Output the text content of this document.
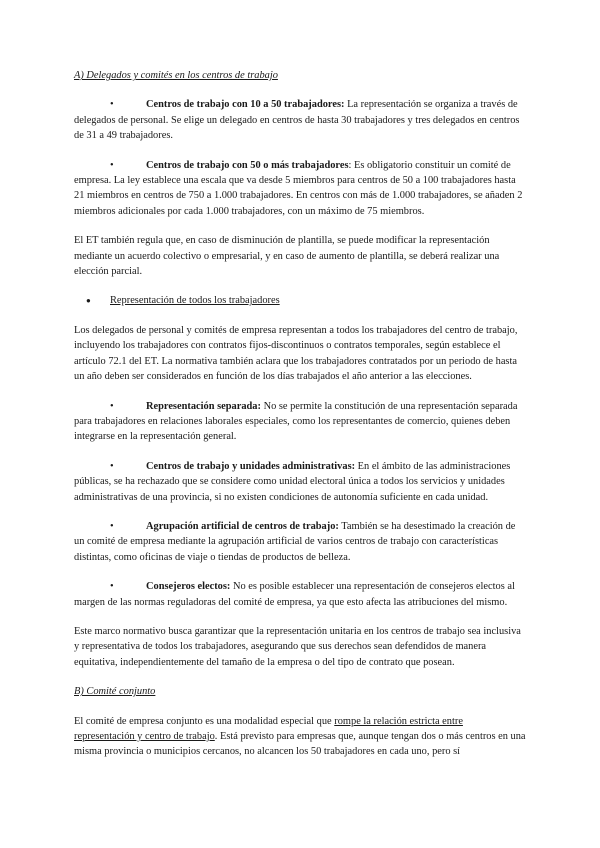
A) Delegados y comités en los centros de trabajo

•	Centros de trabajo con 10 a 50 trabajadores: La representación se organiza a través de delegados de personal. Se elige un delegado en centros de hasta 30 trabajadores y tres delegados en centros de 31 a 49 trabajadores.

•	Centros de trabajo con 50 o más trabajadores: Es obligatorio constituir un comité de empresa. La ley establece una escala que va desde 5 miembros para centros de 50 a 100 trabajadores hasta 21 miembros en centros de 750 a 1.000 trabajadores. En centros con más de 1.000 trabajadores, se añaden 2 miembros adicionales por cada 1.000 trabajadores, con un máximo de 75 miembros.

El ET también regula que, en caso de disminución de plantilla, se puede modificar la representación mediante un acuerdo colectivo o empresarial, y en caso de aumento de plantilla, se deberá realizar una elección parcial.

● Representación de todos los trabajadores

Los delegados de personal y comités de empresa representan a todos los trabajadores del centro de trabajo, incluyendo los trabajadores con contratos fijos-discontinuos o contratos temporales, según establece el artículo 72.1 del ET. La normativa también aclara que los trabajadores contratados por un periodo de hasta un año deben ser considerados en función de los días trabajados el año anterior a las elecciones.

•	Representación separada: No se permite la constitución de una representación separada para trabajadores en relaciones laborales especiales, como los representantes de comercio, quienes deben integrarse en la representación general.

•	Centros de trabajo y unidades administrativas: En el ámbito de las administraciones públicas, se ha rechazado que se considere como unidad electoral única a todos los servicios y unidades administrativas de una provincia, si no existen condiciones de autonomía suficiente en cada unidad.

•	Agrupación artificial de centros de trabajo: También se ha desestimado la creación de un comité de empresa mediante la agrupación artificial de varios centros de trabajo con características distintas, como oficinas de viaje o tiendas de productos de belleza.

•	Consejeros electos: No es posible establecer una representación de consejeros electos al margen de las normas reguladoras del comité de empresa, ya que esto afecta las atribuciones del mismo.

Este marco normativo busca garantizar que la representación unitaria en los centros de trabajo sea inclusiva y representativa de todos los trabajadores, asegurando que sus derechos sean defendidos de manera equitativa, independientemente del tamaño de la empresa o del tipo de contrato que posean.

B) Comité conjunto

El comité de empresa conjunto es una modalidad especial que rompe la relación estricta entre representación y centro de trabajo. Está previsto para empresas que, aunque tengan dos o más centros en una misma provincia o municipios cercanos, no alcancen los 50 trabajadores en cada uno, pero sí
